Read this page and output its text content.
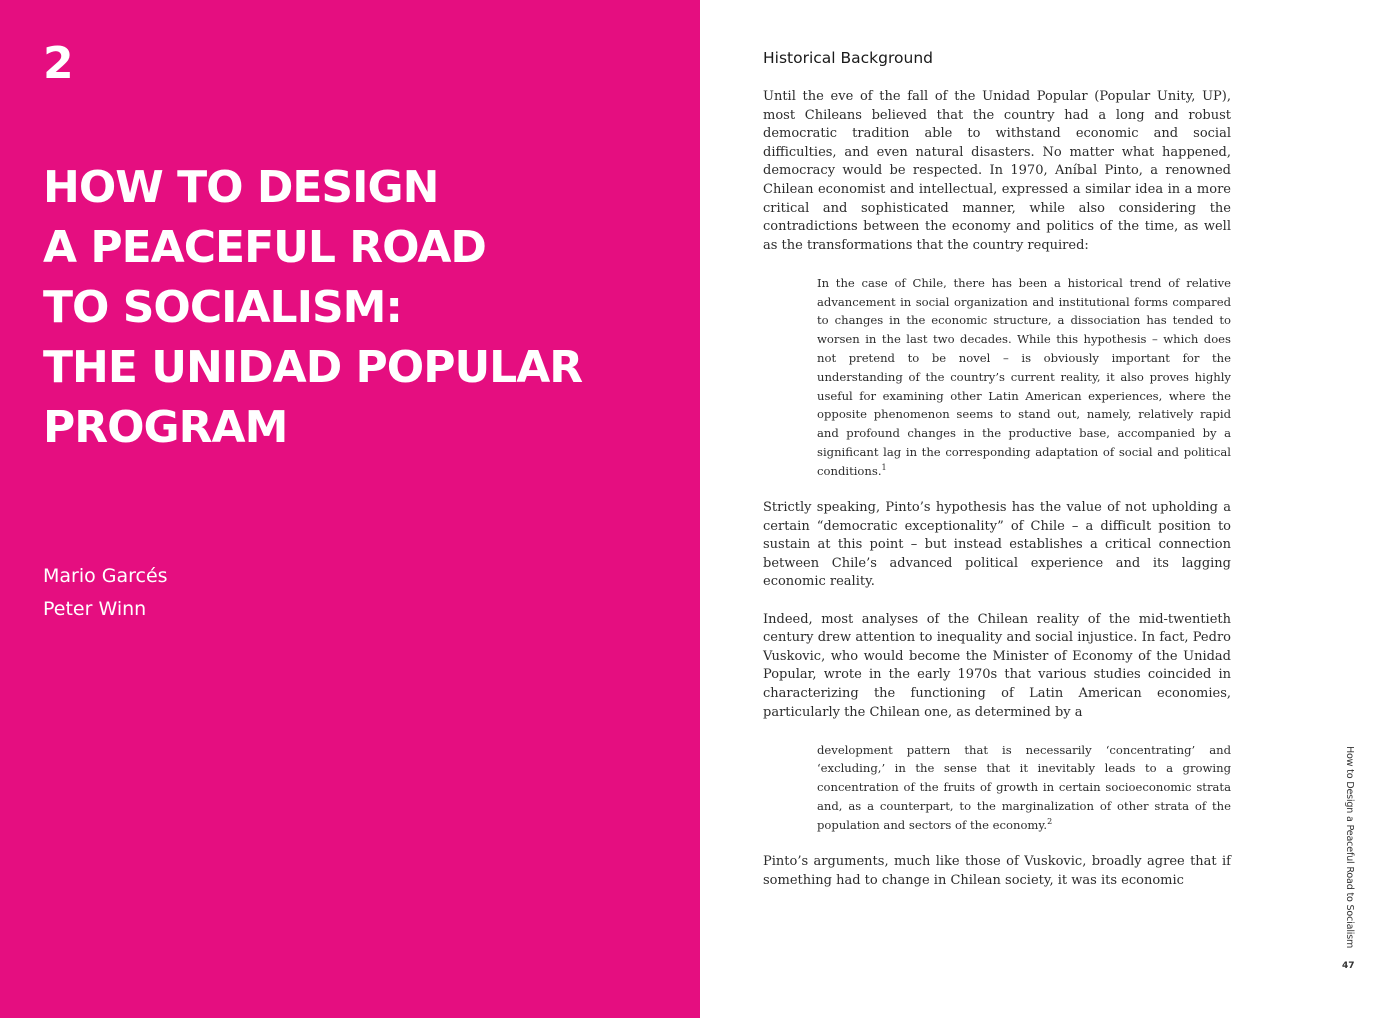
2
HOW TO DESIGN
A PEACEFUL ROAD
TO SOCIALISM:
THE UNIDAD POPULAR
PROGRAM
Mario Garcés
Peter Winn
Historical Background

Until the eve of the fall of the Unidad Popular (Popular Unity, UP), most Chileans believed that the country had a long and robust democratic tradition able to withstand economic and social difficulties, and even natural disasters. No matter what happened, democracy would be respected. In 1970, Aníbal Pinto, a renowned Chilean economist and intellectual, expressed a similar idea in a more critical and sophisticated manner, while also considering the contradictions between the economy and politics of the time, as well as the transformations that the country required:

In the case of Chile, there has been a historical trend of relative advancement in social organization and institutional forms compared to changes in the economic structure, a dissociation has tended to worsen in the last two decades. While this hypothesis – which does not pretend to be novel – is obviously important for the understanding of the country’s current reality, it also proves highly useful for examining other Latin American experiences, where the opposite phenomenon seems to stand out, namely, relatively rapid and profound changes in the productive base, accompanied by a significant lag in the corresponding adaptation of social and political conditions.$^1$

Strictly speaking, Pinto’s hypothesis has the value of not upholding a certain “democratic exceptionality” of Chile – a difficult position to sustain at this point – but instead establishes a critical connection between Chile’s advanced political experience and its lagging economic reality.

Indeed, most analyses of the Chilean reality of the mid-twentieth century drew attention to inequality and social injustice. In fact, Pedro Vuskovic, who would become the Minister of Economy of the Unidad Popular, wrote in the early 1970s that various studies coincided in characterizing the functioning of Latin American economies, particularly the Chilean one, as determined by a

development pattern that is necessarily ‘concentrating’ and ‘excluding,’ in the sense that it inevitably leads to a growing concentration of the fruits of growth in certain socioeconomic strata and, as a counterpart, to the marginalization of other strata of the population and sectors of the economy.$^2$

Pinto’s arguments, much like those of Vuskovic, broadly agree that if something had to change in Chilean society, it was its economic	How to Design a Peaceful Road to Socialism
47
